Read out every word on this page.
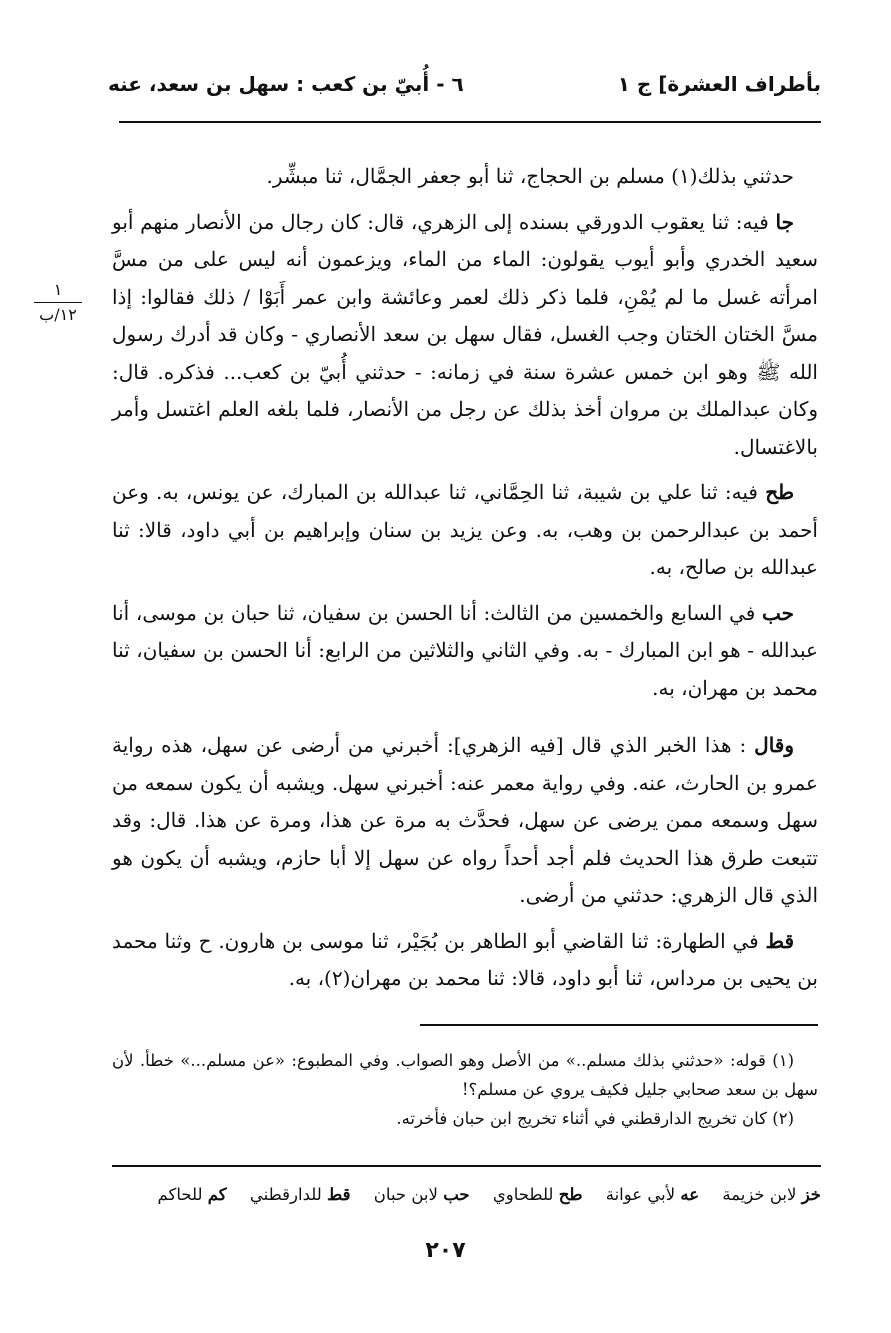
بأطراف العشرة] ج ١
٦ - أُبيّ بن كعب : سهل بن سعد، عنه
١
١٢/ب

حدثني بذلك(١) مسلم بن الحجاج، ثنا أبو جعفر الجمَّال، ثنا مبشِّر.

جا فيه: ثنا يعقوب الدورقي بسنده إلى الزهري، قال: كان رجال من الأنصار منهم أبو سعيد الخدري وأبو أيوب يقولون: الماء من الماء، ويزعمون أنه ليس على من مسَّ امرأته غسل ما لم يُمْنِ، فلما ذكر ذلك لعمر وعائشة وابن عمر أَبَوْا / ذلك فقالوا: إذا مسَّ الختان الختان وجب الغسل، فقال سهل بن سعد الأنصاري - وكان قد أدرك رسول الله ﷺ وهو ابن خمس عشرة سنة في زمانه: - حدثني أُبيّ بن كعب... فذكره. قال: وكان عبدالملك بن مروان أخذ بذلك عن رجل من الأنصار، فلما بلغه العلم اغتسل وأمر بالاغتسال.

طح فيه: ثنا علي بن شيبة، ثنا الحِمَّاني، ثنا عبدالله بن المبارك، عن يونس، به. وعن أحمد بن عبدالرحمن بن وهب، به. وعن يزيد بن سنان وإبراهيم بن أبي داود، قالا: ثنا عبدالله بن صالح، به.

حب في السابع والخمسين من الثالث: أنا الحسن بن سفيان، ثنا حبان بن موسى، أنا عبدالله - هو ابن المبارك - به. وفي الثاني والثلاثين من الرابع: أنا الحسن بن سفيان، ثنا محمد بن مهران، به.

وقال : هذا الخبر الذي قال [فيه الزهري]: أخبرني من أرضى عن سهل، هذه رواية عمرو بن الحارث، عنه. وفي رواية معمر عنه: أخبرني سهل. ويشبه أن يكون سمعه من سهل وسمعه ممن يرضى عن سهل، فحدَّث به مرة عن هذا، ومرة عن هذا. قال: وقد تتبعت طرق هذا الحديث فلم أجد أحداً رواه عن سهل إلا أبا حازم، ويشبه أن يكون هو الذي قال الزهري: حدثني من أرضى.

قط في الطهارة: ثنا القاضي أبو الطاهر بن بُجَيْر، ثنا موسى بن هارون. ح وثنا محمد بن يحيى بن مرداس، ثنا أبو داود، قالا: ثنا محمد بن مهران(٢)، به.

(١) قوله: «حدثني بذلك مسلم..» من الأصل وهو الصواب. وفي المطبوع: «عن مسلم...» خطأ. لأن سهل بن سعد صحابي جليل فكيف يروي عن مسلم؟!

(٢) كان تخريج الدارقطني في أثناء تخريج ابن حبان فأخرته.

خز لابن خزيمة عه لأبي عوانة طح للطحاوي حب لابن حبان قط للدارقطني كم للحاكم
٢٠٧
